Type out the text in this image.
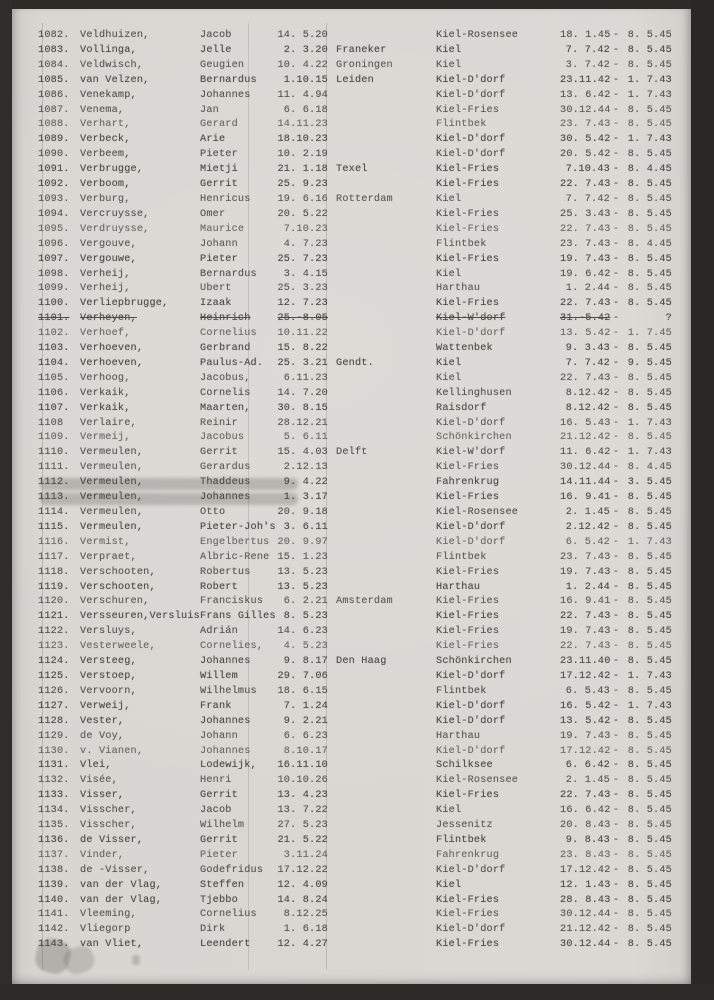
1082.	Veldhuizen,	Jacob	14. 5.20	Kiel-Rosensee	18. 1.45 - 8. 5.45
1083.	Vollinga,	Jelle	2. 3.20 Franeker	Kiel	7. 7.42 - 8. 5.45
1084.	Veldwisch,	Geugien	10. 4.22 Groningen	Kiel	3. 7.42 - 8. 5.45
1085.	van Velzen,	Bernardus	1.10.15 Leiden	Kiel-D'dorf	23.11.42 - 1. 7.43
1086.	Venekamp,	Johannes	11. 4.94	Kiel-D'dorf	13. 6.42 - 1. 7.43
1087.	Venema,	Jan	6. 6.18	Kiel-Fries	30.12.44 - 8. 5.45
1088.	Verhart,	Gerard	14.11.23	Flintbek	23. 7.43 - 8. 5.45
1089.	Verbeck,	Arie	18.10.23	Kiel-D'dorf	30. 5.42 - 1. 7.43
1090.	Verbeem,	Pieter	10. 2.19	Kiel-D'dorf	20. 5.42 - 8. 5.45
1091.	Verbrugge,	Mietji	21. 1.18 Texel	Kiel-Fries	7.10.43 - 8. 4.45
1092.	Verboom,	Gerrit	25. 9.23	Kiel-Fries	22. 7.43 - 8. 5.45
1093.	Verburg,	Henricus	19. 6.16 Rotterdam	Kiel	7. 7.42 - 8. 5.45
1094.	Vercruysse,	Omer	20. 5.22	Kiel-Fries	25. 3.43 - 8. 5.45
1095.	Verdruysse,	Maurice	7.10.23	Kiel-Fries	22. 7.43 - 8. 5.45
1096.	Vergouve,	Johann	4. 7.23	Flintbek	23. 7.43 - 8. 4.45
1097.	Vergouwe,	Pieter	25. 7.23	Kiel-Fries	19. 7.43 - 8. 5.45
1098.	Verheij,	Bernardus	3. 4.15	Kiel	19. 6.42 - 8. 5.45
1099.	Verheij,	Ubert	25. 3.23	Harthau	1. 2.44 - 8. 5.45
1100.	Verliepbrugge,	Izaak	12. 7.23	Kiel-Fries	22. 7.43 - 8. 5.45
1101.	Verheyen,	Heinrich	25.-8.05	Kiel-W'dorf	31.-5.42 -	?
1102.	Verhoef,	Cornelius	10.11.22	Kiel-D'dorf	13. 5.42 - 1. 7.45
1103.	Verhoeven,	Gerbrand	15. 8.22	Wattenbek	9. 3.43 - 8. 5.45
1104.	Verhoeven,	Paulus-Ad.	25. 3.21 Gendt.	Kiel	7. 7.42 - 9. 5.45
1105.	Verhoog,	Jacobus,	6.11.23	Kiel	22. 7.43 - 8. 5.45
1106.	Verkaik,	Cornelis	14. 7.20	Kellinghusen	8.12.42 - 8. 5.45
1107.	Verkaik,	Maarten,	30. 8.15	Raisdorf	8.12.42 - 8. 5.45
1108	Verlaire,	Reinir	28.12.21	Kiel-D'dorf	16. 5.43 - 1. 7.43
1109.	Vermeij,	Jacobus	5. 6.11	Schönkirchen	21.12.42 - 8. 5.45
1110.	Vermeulen,	Gerrit	15. 4.03 Delft	Kiel-W'dorf	11. 6.42 - 1. 7.43
1111.	Vermeulen,	Gerardus	2.12.13	Kiel-Fries	30.12.44 - 8. 4.45
1112.	Vermeulen,	Thaddeus	9. 4.22	Fahrenkrug	14.11.44 - 3. 5.45
1113.	Vermeulen,	Johannes	1. 3.17	Kiel-Fries	16. 9.41 - 8. 5.45
1114.	Vermeulen,	Otto	20. 9.18	Kiel-Rosensee	2. 1.45 - 8. 5.45
1115.	Vermeulen,	Pieter-Joh's 3. 6.11	Kiel-D'dorf	2.12.42 - 8. 5.45
1116.	Vermist,	Engelbertus 20. 9.97	Kiel-D'dorf	6. 5.42 - 1. 7.43
1117.	Verpraet,	Albric-Rene 15. 1.23	Flintbek	23. 7.43 - 8. 5.45
1118.	Verschooten,	Robertus	13. 5.23	Kiel-Fries	19. 7.43 - 8. 5.45
1119.	Verschooten,	Robert	13. 5.23	Harthau	1. 2.44 - 8. 5.45
1120.	Verschuren,	Franciskus	6. 2.21 Amsterdam	Kiel-Fries	16. 9.41 - 8. 5.45
1121.	Versseuren,Versluis Frans Gilles 8. 5.23	Kiel-Fries	22. 7.43 - 8. 5.45
1122.	Versluys,	Adrián	14. 6.23	Kiel-Fries	19. 7.43 - 8. 5.45
1123.	Vesterweele,	Cornelies,	4. 5.23	Kiel-Fries	22. 7.43 - 8. 5.45
1124.	Versteeg,	Johannes	9. 8.17 Den Haag	Schönkirchen	23.11.40 - 8. 5.45
1125.	Verstoep,	Willem	29. 7.06	Kiel-D'dorf	17.12.42 - 1. 7.43
1126.	Vervoorn,	Wilhelmus	18. 6.15	Flintbek	6. 5.43 - 8. 5.45
1127.	Verweij,	Frank	7. 1.24	Kiel-D'dorf	16. 5.42 - 1. 7.43
1128.	Vester,	Johannes	9. 2.21	Kiel-D'dorf	13. 5.42 - 8. 5.45
1129.	de Voy,	Johann	6. 6.23	Harthau	19. 7.43 - 8. 5.45
1130.	v. Vianen,	Johannes	8.10.17	Kiel-D'dorf	17.12.42 - 8. 5.45
1131.	Vlei,	Lodewijk,	16.11.10	Schilksee	6. 6.42 - 8. 5.45
1132.	Visée,	Henri	10.10.26	Kiel-Rosensee	2. 1.45 - 8. 5.45
1133.	Visser,	Gerrit	13. 4.23	Kiel-Fries	22. 7.43 - 8. 5.45
1134.	Visscher,	Jacob	13. 7.22	Kiel	16. 6.42 - 8. 5.45
1135.	Visscher,	Wilhelm	27. 5.23	Jessenitz	20. 8.43 - 8. 5.45
1136.	de Visser,	Gerrit	21. 5.22	Flintbek	9. 8.43 - 8. 5.45
1137.	Vinder,	Pieter	3.11.24	Fahrenkrug	23. 8.43 - 8. 5.45
1138.	de -Visser,	Godefridus	17.12.22	Kiel-D'dorf	17.12.42 - 8. 5.45
1139.	van der Vlag,	Steffen	12. 4.09	Kiel	12. 1.43 - 8. 5.45
1140.	van der Vlag,	Tjebbo	14. 8.24	Kiel-Fries	28. 8.43 - 8. 5.45
1141.	Vleeming,	Cornelius	8.12.25	Kiel-Fries	30.12.44 - 8. 5.45
1142.	Vliegorp	Dirk	1. 6.18	Kiel-D'dorf	21.12.42 - 8. 5.45
1143.	van Vliet,	Leendert	12. 4.27	Kiel-Fries	30.12.44 - 8. 5.45
